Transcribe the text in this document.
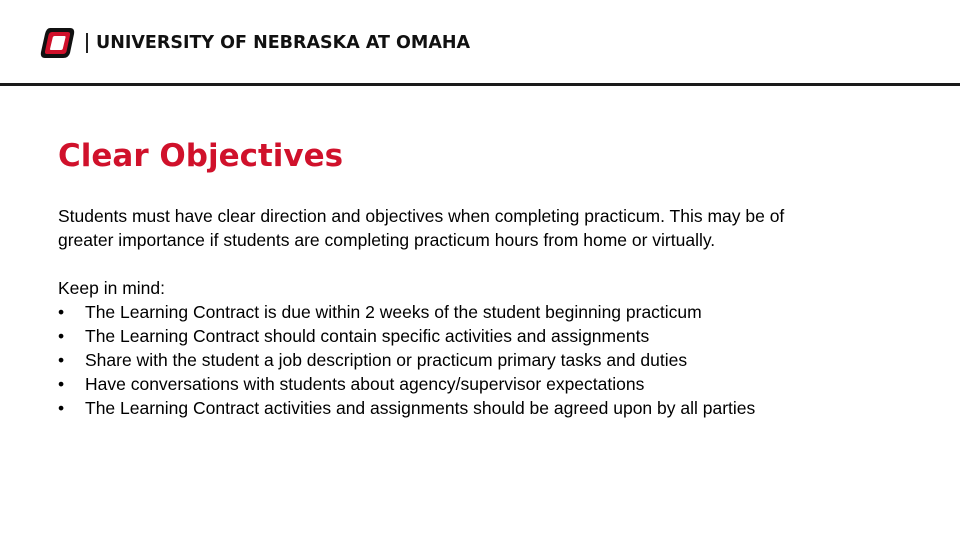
UNIVERSITY OF NEBRASKA AT OMAHA
Clear Objectives

Students must have clear direction and objectives when completing practicum. This may be of
greater importance if students are completing practicum hours from home or virtually.

Keep in mind:

• The Learning Contract is due within 2 weeks of the student beginning practicum
• The Learning Contract should contain specific activities and assignments
• Share with the student a job description or practicum primary tasks and duties
• Have conversations with students about agency/supervisor expectations
• The Learning Contract activities and assignments should be agreed upon by all parties
